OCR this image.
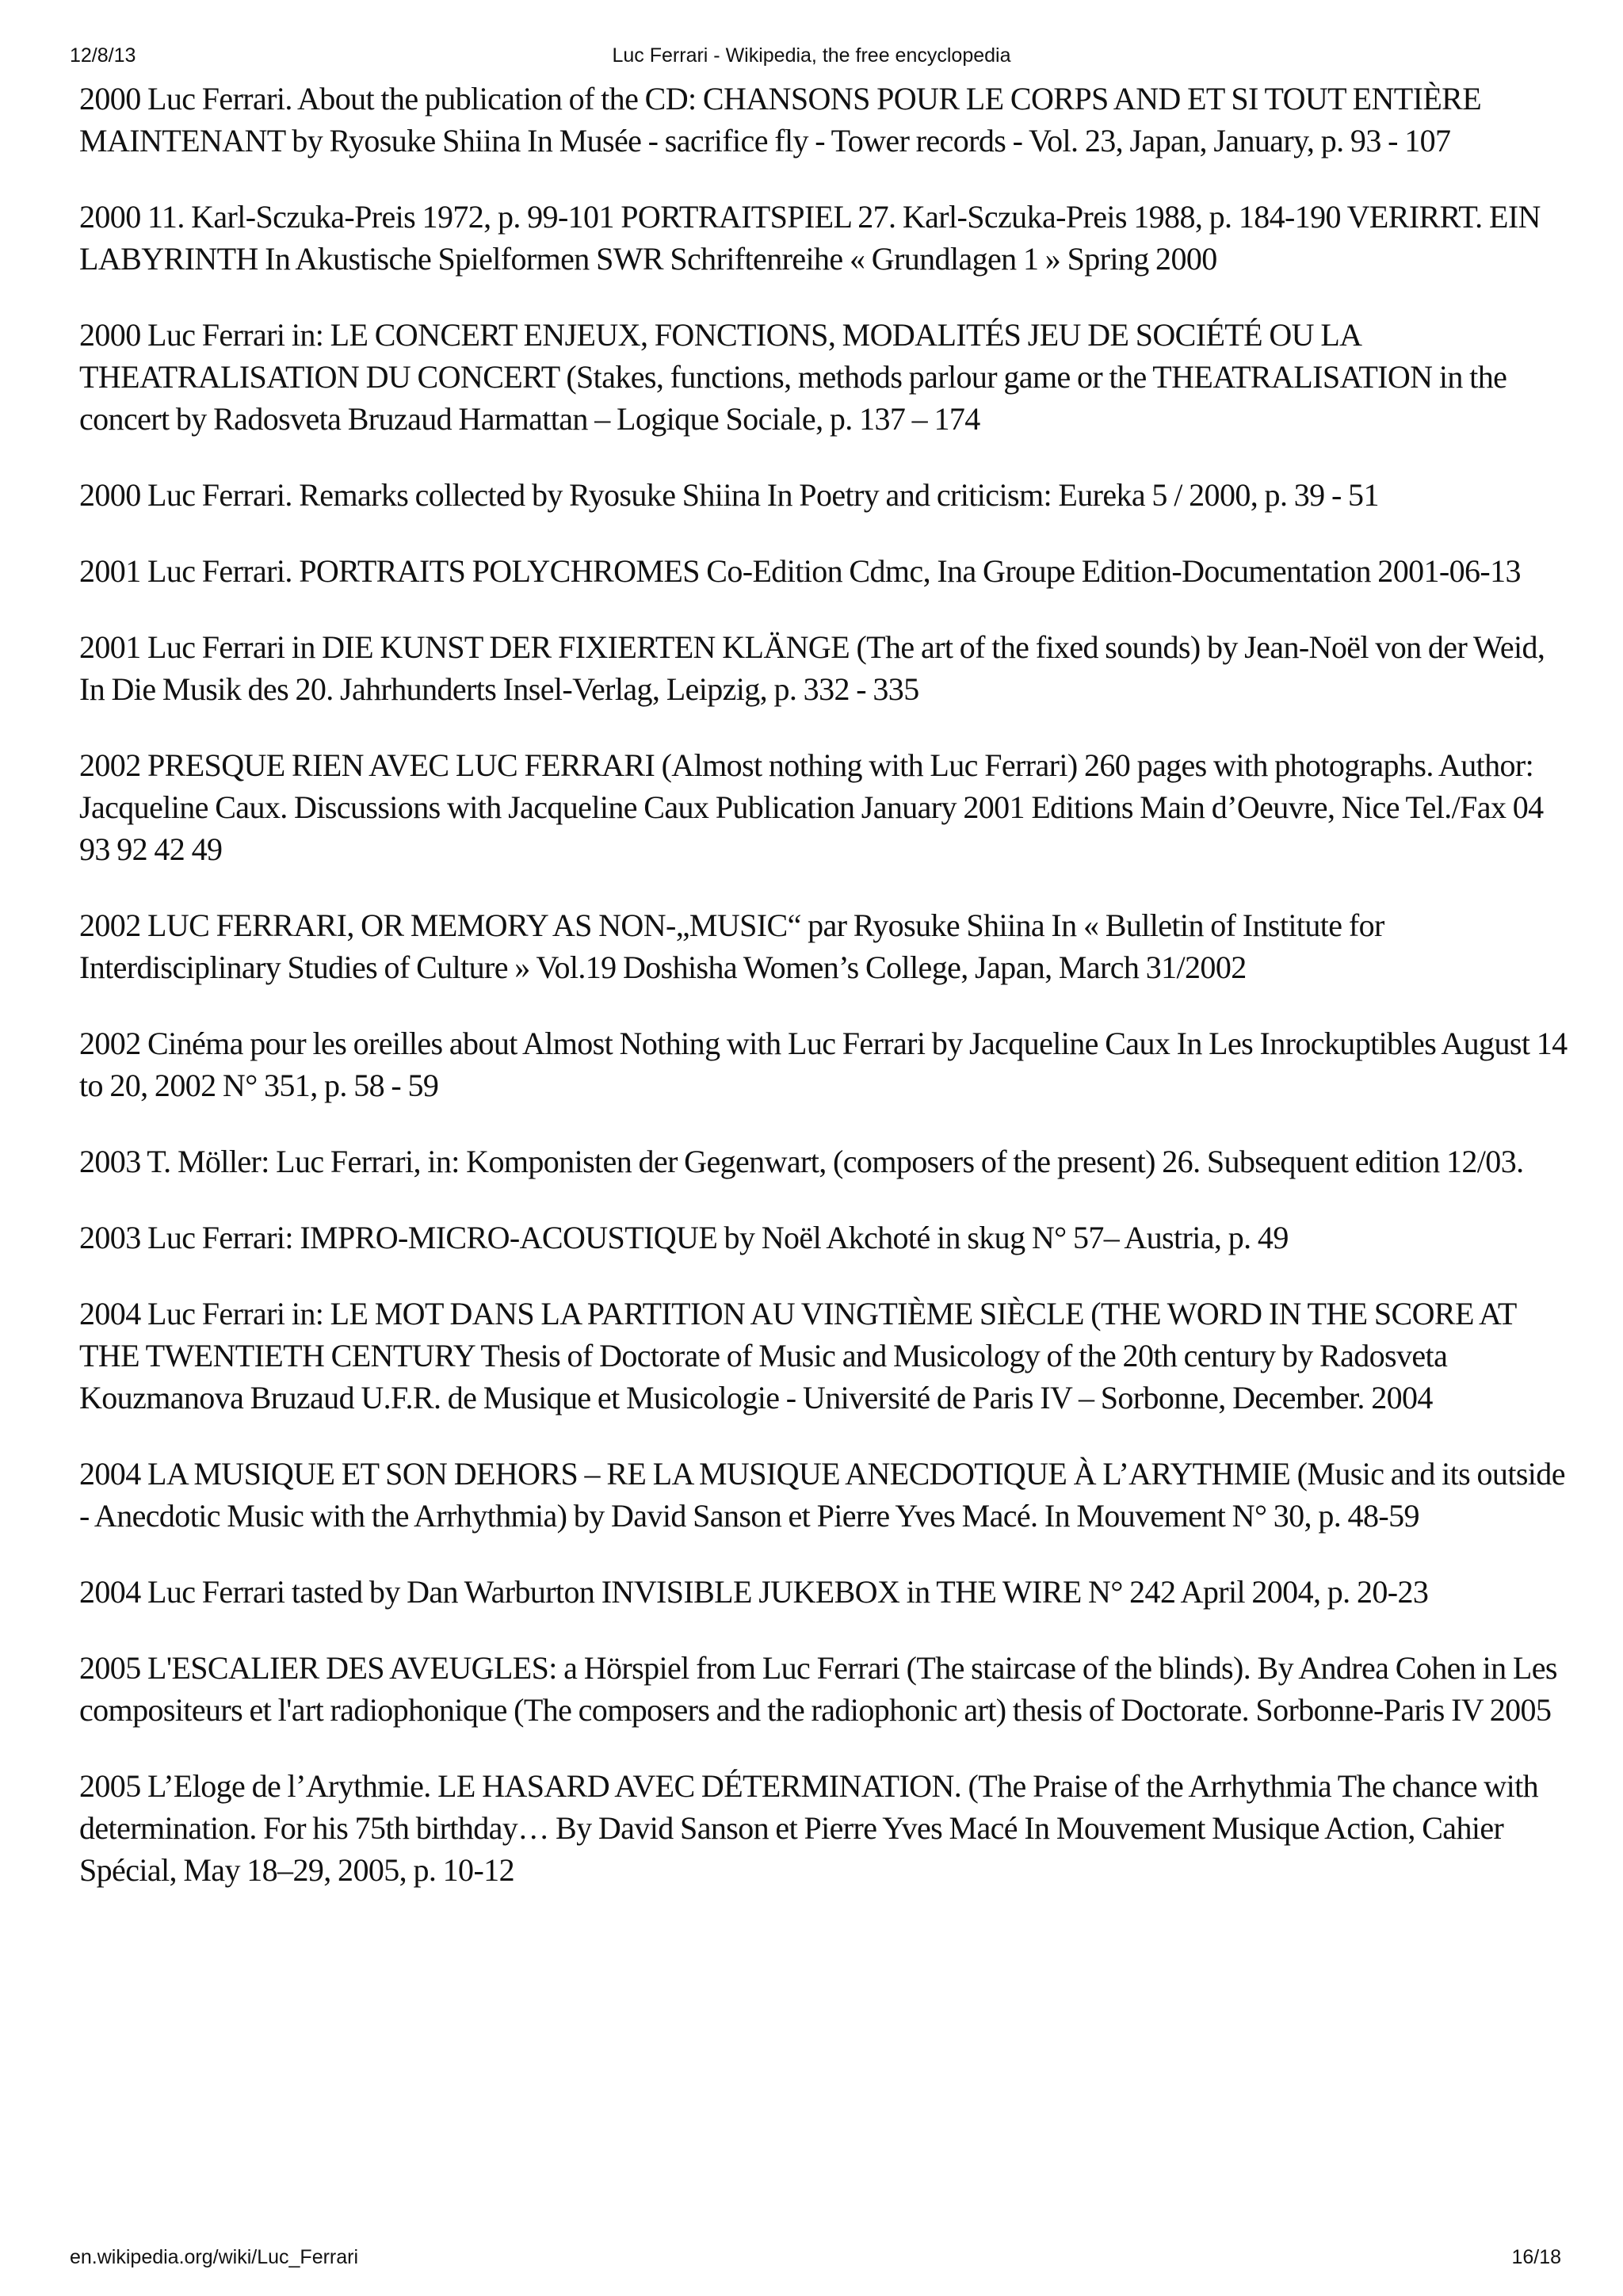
12/8/13	Luc Ferrari - Wikipedia, the free encyclopedia

2000 Luc Ferrari. About the publication of the CD: CHANSONS POUR LE CORPS AND ET SI TOUT ENTIÈRE MAINTENANT by Ryosuke Shiina In Musée - sacrifice fly - Tower records - Vol. 23, Japan, January, p. 93 - 107

2000 11. Karl-Sczuka-Preis 1972, p. 99-101 PORTRAITSPIEL 27. Karl-Sczuka-Preis 1988, p. 184-190 VERIRRT. EIN LABYRINTH In Akustische Spielformen SWR Schriftenreihe « Grundlagen 1 » Spring 2000

2000 Luc Ferrari in: LE CONCERT ENJEUX, FONCTIONS, MODALITÉS JEU DE SOCIÉTÉ OU LA THEATRALISATION DU CONCERT (Stakes, functions, methods parlour game or the THEATRALISATION in the concert by Radosveta Bruzaud Harmattan – Logique Sociale, p. 137 – 174

2000 Luc Ferrari. Remarks collected by Ryosuke Shiina In Poetry and criticism: Eureka 5 / 2000, p. 39 - 51

2001 Luc Ferrari. PORTRAITS POLYCHROMES Co-Edition Cdmc, Ina Groupe Edition-Documentation 2001-06-13

2001 Luc Ferrari in DIE KUNST DER FIXIERTEN KLÄNGE (The art of the fixed sounds) by Jean-Noël von der Weid, In Die Musik des 20. Jahrhunderts Insel-Verlag, Leipzig, p. 332 - 335

2002 PRESQUE RIEN AVEC LUC FERRARI (Almost nothing with Luc Ferrari) 260 pages with photographs. Author: Jacqueline Caux. Discussions with Jacqueline Caux Publication January 2001 Editions Main d’Oeuvre, Nice Tel./Fax 04 93 92 42 49

2002 LUC FERRARI, OR MEMORY AS NON-„MUSIC“ par Ryosuke Shiina In « Bulletin of Institute for Interdisciplinary Studies of Culture » Vol.19 Doshisha Women’s College, Japan, March 31/2002

2002 Cinéma pour les oreilles about Almost Nothing with Luc Ferrari by Jacqueline Caux In Les Inrockuptibles August 14 to 20, 2002 N° 351, p. 58 - 59

2003 T. Möller: Luc Ferrari, in: Komponisten der Gegenwart, (composers of the present) 26. Subsequent edition 12/03.

2003 Luc Ferrari: IMPRO-MICRO-ACOUSTIQUE by Noël Akchoté in skug N° 57– Austria, p. 49

2004 Luc Ferrari in: LE MOT DANS LA PARTITION AU VINGTIÈME SIÈCLE (THE WORD IN THE SCORE AT THE TWENTIETH CENTURY Thesis of Doctorate of Music and Musicology of the 20th century by Radosveta Kouzmanova Bruzaud U.F.R. de Musique et Musicologie - Université de Paris IV – Sorbonne, December. 2004

2004 LA MUSIQUE ET SON DEHORS – RE LA MUSIQUE ANECDOTIQUE À L’ARYTHMIE (Music and its outside - Anecdotic Music with the Arrhythmia) by David Sanson et Pierre Yves Macé. In Mouvement N° 30, p. 48-59

2004 Luc Ferrari tasted by Dan Warburton INVISIBLE JUKEBOX in THE WIRE N° 242 April 2004, p. 20-23

2005 L'ESCALIER DES AVEUGLES: a Hörspiel from Luc Ferrari (The staircase of the blinds). By Andrea Cohen in Les compositeurs et l'art radiophonique (The composers and the radiophonic art) thesis of Doctorate. Sorbonne-Paris IV 2005

2005 L’Eloge de l’Arythmie. LE HASARD AVEC DÉTERMINATION. (The Praise of the Arrhythmia The chance with determination. For his 75th birthday… By David Sanson et Pierre Yves Macé In Mouvement Musique Action, Cahier Spécial, May 18–29, 2005, p. 10-12

en.wikipedia.org/wiki/Luc_Ferrari	16/18
